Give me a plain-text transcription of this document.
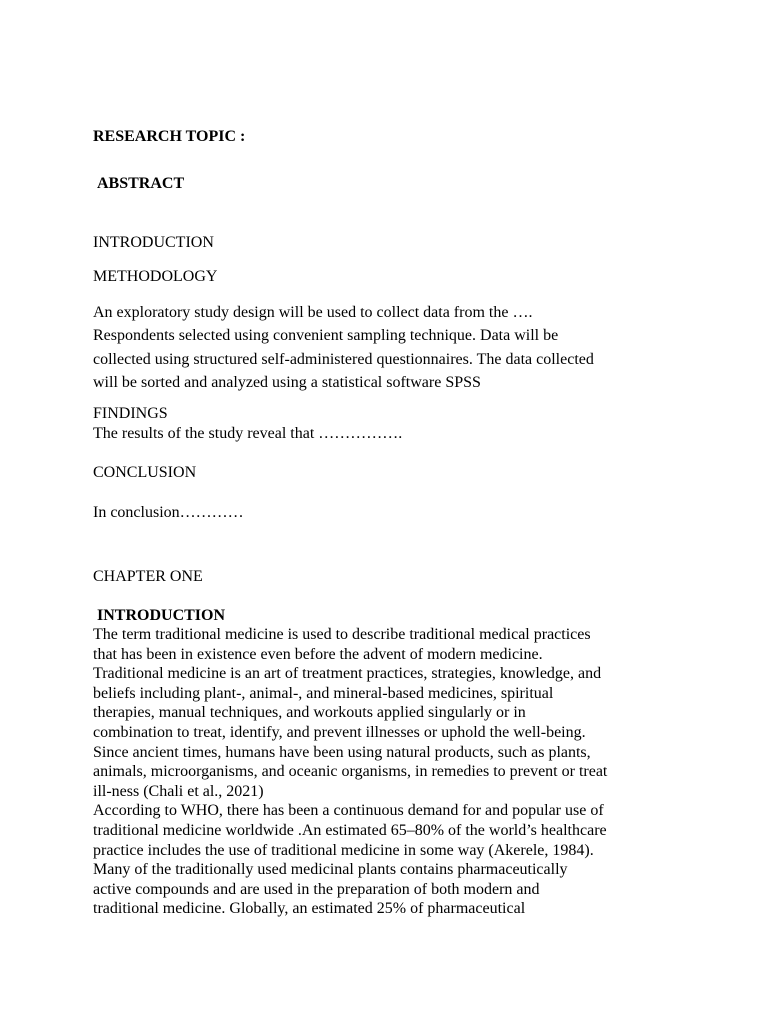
RESEARCH TOPIC :

ABSTRACT

INTRODUCTION

METHODOLOGY

An exploratory study design will be used to collect data from the ….
Respondents selected using convenient sampling technique. Data will be
collected using structured self-administered questionnaires. The data collected
will be sorted and analyzed using a statistical software SPSS

FINDINGS

The results of the study reveal that …………….

CONCLUSION

In conclusion…………

CHAPTER ONE

INTRODUCTION

The term traditional medicine is used to describe traditional medical practices
that has been in existence even before the advent of modern medicine.
Traditional medicine is an art of treatment practices, strategies, knowledge, and
beliefs including plant-, animal-, and mineral-based medicines, spiritual
therapies, manual techniques, and workouts applied singularly or in
combination to treat, identify, and prevent illnesses or uphold the well-being.
Since ancient times, humans have been using natural products, such as plants,
animals, microorganisms, and oceanic organisms, in remedies to prevent or treat
ill-ness (Chali et al., 2021)
According to WHO, there has been a continuous demand for and popular use of
traditional medicine worldwide .An estimated 65–80% of the world’s healthcare
practice includes the use of traditional medicine in some way (Akerele, 1984).
Many of the traditionally used medicinal plants contains pharmaceutically
active compounds and are used in the preparation of both modern and
traditional medicine. Globally, an estimated 25% of pharmaceutical
